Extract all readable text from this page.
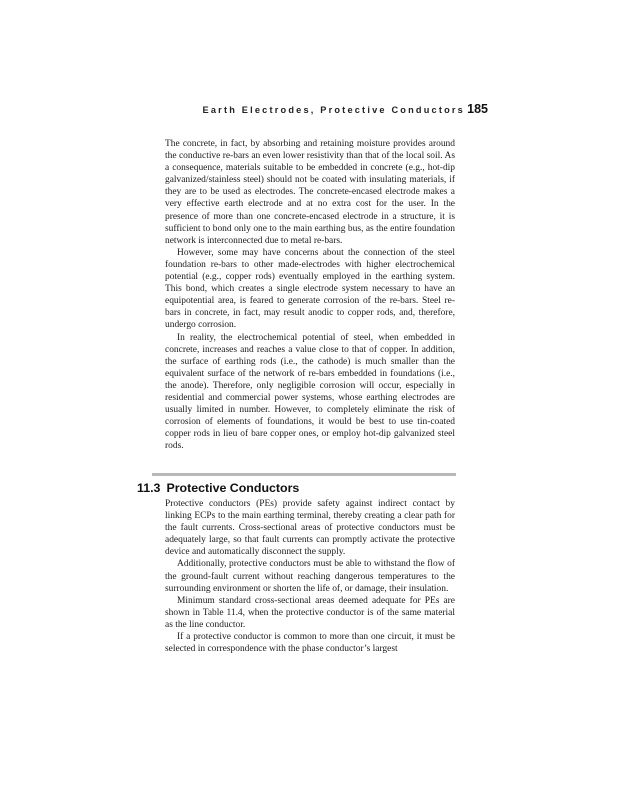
Earth Electrodes, Protective Conductors 185

The concrete, in fact, by absorbing and retaining moisture provides around the conductive re-bars an even lower resistivity than that of the local soil. As a consequence, materials suitable to be embedded in concrete (e.g., hot-dip galvanized/stainless steel) should not be coated with insulating materials, if they are to be used as electrodes. The concrete-encased electrode makes a very effective earth electrode and at no extra cost for the user. In the presence of more than one concrete-encased electrode in a structure, it is sufficient to bond only one to the main earthing bus, as the entire foundation network is interconnected due to metal re-bars.

However, some may have concerns about the connection of the steel foundation re-bars to other made-electrodes with higher electrochemical potential (e.g., copper rods) eventually employed in the earthing system. This bond, which creates a single electrode system necessary to have an equipotential area, is feared to generate corrosion of the re-bars. Steel re-bars in concrete, in fact, may result anodic to copper rods, and, therefore, undergo corrosion.

In reality, the electrochemical potential of steel, when embedded in concrete, increases and reaches a value close to that of copper. In addition, the surface of earthing rods (i.e., the cathode) is much smaller than the equivalent surface of the network of re-bars embedded in foundations (i.e., the anode). Therefore, only negligible corrosion will occur, especially in residential and commercial power systems, whose earthing electrodes are usually limited in number. However, to completely eliminate the risk of corrosion of elements of foundations, it would be best to use tin-coated copper rods in lieu of bare copper ones, or employ hot-dip galvanized steel rods.

11.3 Protective Conductors

Protective conductors (PEs) provide safety against indirect contact by linking ECPs to the main earthing terminal, thereby creating a clear path for the fault currents. Cross-sectional areas of protective conductors must be adequately large, so that fault currents can promptly activate the protective device and automatically disconnect the supply.

Additionally, protective conductors must be able to withstand the flow of the ground-fault current without reaching dangerous temperatures to the surrounding environment or shorten the life of, or damage, their insulation.

Minimum standard cross-sectional areas deemed adequate for PEs are shown in Table 11.4, when the protective conductor is of the same material as the line conductor.

If a protective conductor is common to more than one circuit, it must be selected in correspondence with the phase conductor’s largest
